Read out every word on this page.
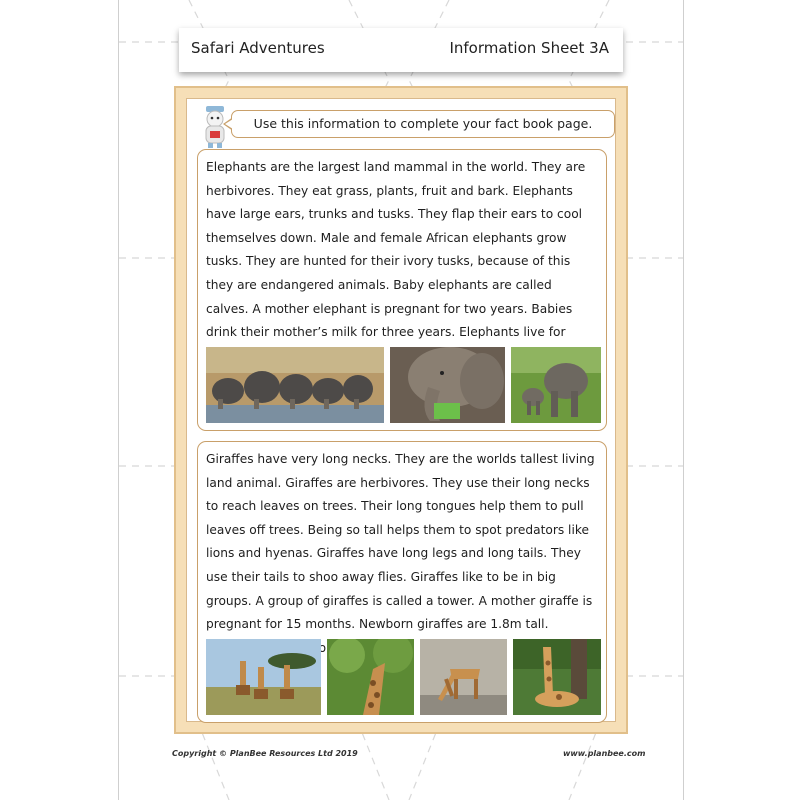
Safari Adventures	Information Sheet 3A
Use this information to complete your fact book page.

Elephants are the largest land mammal in the world. They are herbivores. They eat grass, plants, fruit and bark. Elephants have large ears, trunks and tusks. They flap their ears to cool themselves down. Male and female African elephants grow tusks. They are hunted for their ivory tusks, because of this they are endangered animals. Baby elephants are called calves. A mother elephant is pregnant for two years. Babies drink their mother’s milk for three years. Elephants live for

Giraffes have very long necks. They are the worlds tallest living land animal. Giraffes are herbivores. They use their long necks to reach leaves on trees. Their long tongues help them to pull leaves off trees. Being so tall helps them to spot predators like lions and hyenas. Giraffes have long legs and long tails. They use their tails to shoo away flies. Giraffes like to be in big groups. A group of giraffes is called a tower. A mother giraffe is pregnant for 15 months. Newborn giraffes are 1.8m tall. about

Copyright © PlanBee Resources Ltd 2019	www.planbee.com
